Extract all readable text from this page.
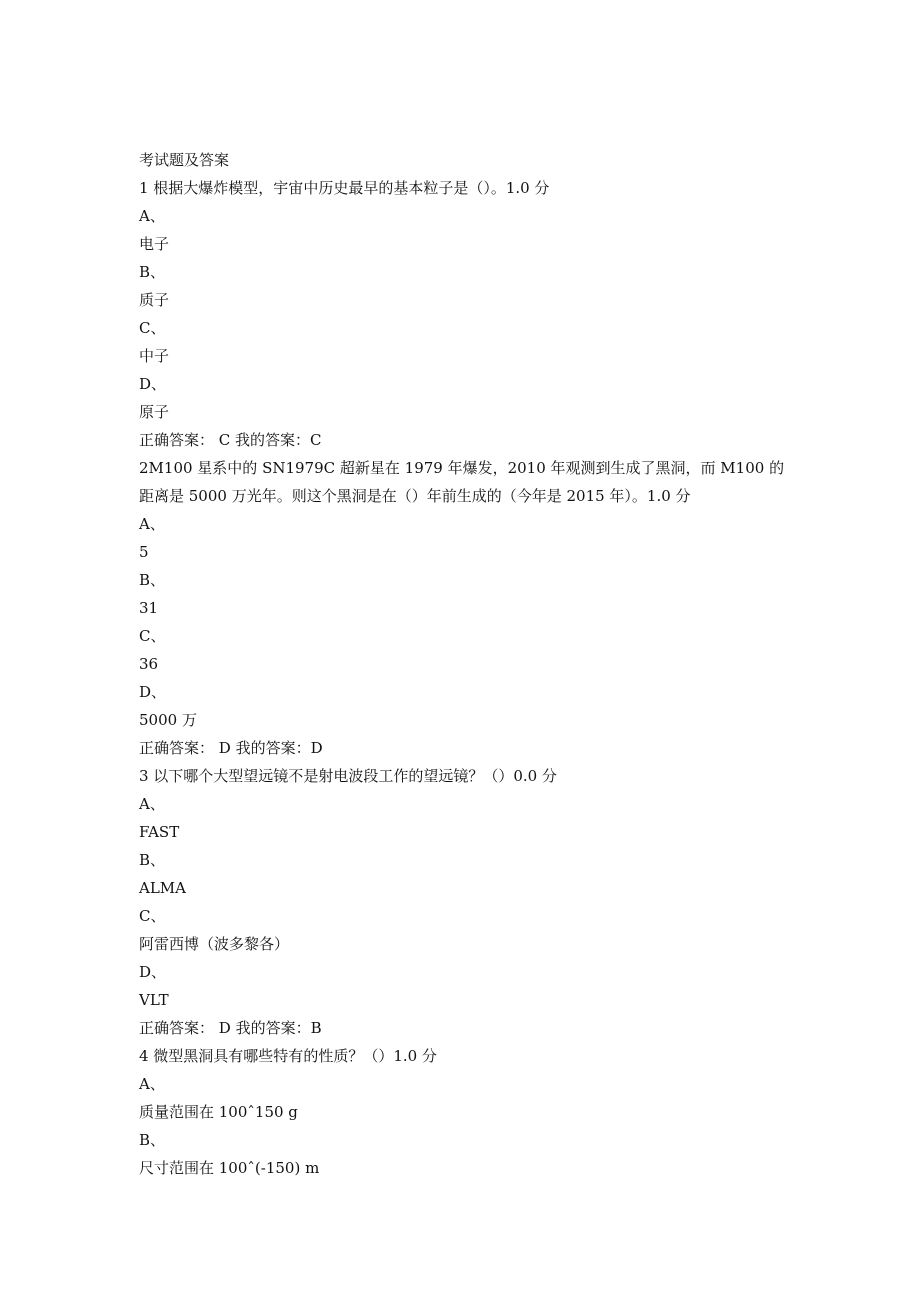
考试题及答案
1 根据大爆炸模型，宇宙中历史最早的基本粒子是（）。1.0 分
A、
电子
B、
质子
C、
中子
D、
原子
正确答案： C 我的答案：C
2M100 星系中的 SN1979C 超新星在 1979 年爆发，2010 年观测到生成了黑洞，而 M100 的距离是 5000 万光年。则这个黑洞是在（）年前生成的（今年是 2015 年）。1.0 分
A、
5
B、
31
C、
36
D、
5000 万
正确答案： D 我的答案：D
3 以下哪个大型望远镜不是射电波段工作的望远镜？（）0.0 分
A、
FAST
B、
ALMA
C、
阿雷西博（波多黎各）
D、
VLT
正确答案： D 我的答案：B
4 微型黑洞具有哪些特有的性质？（）1.0 分
A、
质量范围在 100ˆ150 g
B、
尺寸范围在 100ˆ(-150) m
